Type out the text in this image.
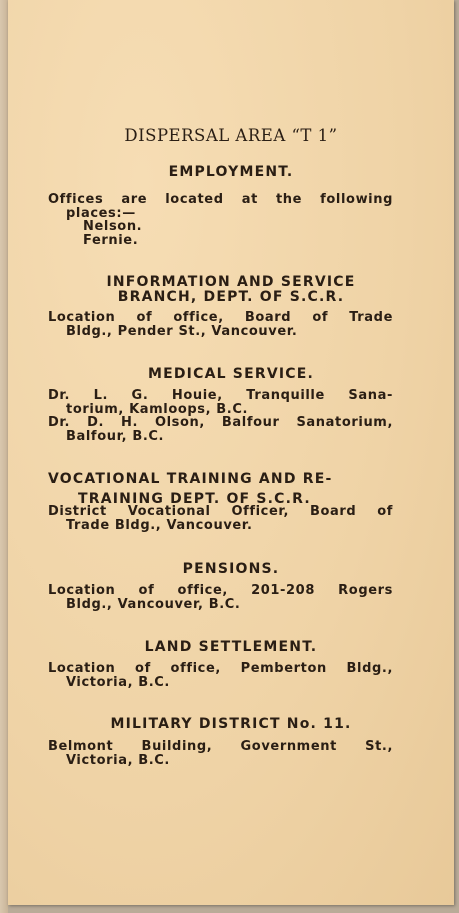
DISPERSAL AREA “T 1”
EMPLOYMENT.
Offices are located at the following
places:—
Nelson.
Fernie.
INFORMATION AND SERVICE
BRANCH, DEPT. OF S.C.R.
Location of office, Board of Trade
Bldg., Pender St., Vancouver.
MEDICAL SERVICE.
Dr. L. G. Houie, Tranquille Sana-
torium, Kamloops, B.C.
Dr. D. H. Olson, Balfour Sanatorium,
Balfour, B.C.
VOCATIONAL TRAINING AND RE-
TRAINING DEPT. OF S.C.R.
District Vocational Officer, Board of
Trade Bldg., Vancouver.
PENSIONS.
Location of office, 201-208 Rogers
Bldg., Vancouver, B.C.
LAND SETTLEMENT.
Location of office, Pemberton Bldg.,
Victoria, B.C.
MILITARY DISTRICT No. 11.
Belmont Building, Government St.,
Victoria, B.C.
